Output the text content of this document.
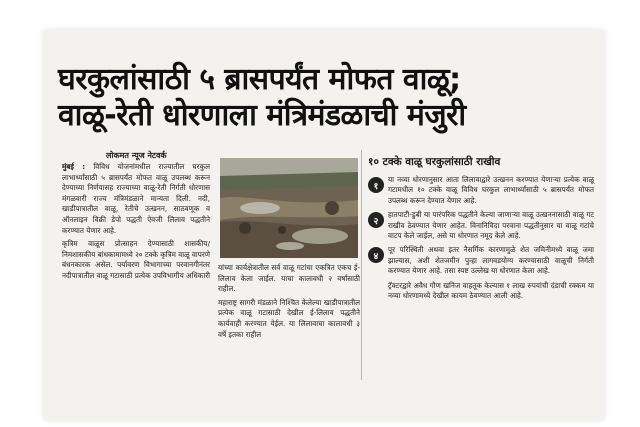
घरकुलांसाठी ५ ब्रासपर्यंत मोफत वाळू;
वाळू-रेती धोरणाला मंत्रिमंडळाची मंजुरी
लोकमत न्यूज नेटवर्क

मुंबई : विविध योजनांमधील राज्यातील घरकुल लाभार्थ्यांसाठी ५ ब्रासपर्यंत मोफत वाळू उपलब्ध करून देण्याच्या निर्णयासह राज्याच्या वाळू-रेती निर्गती धोरणास मंगळवारी राज्य मंत्रिमंडळाने मान्यता दिली. नदी, खाडीपात्रातील वाळू, रेतीचे उत्खनन, साठवणूक व ऑनलाइन विक्री डेपो पद्धती ऐवजी लिलाव पद्धतीने करण्यात येणार आहे.

कृत्रिम वाळूस प्रोत्साहन देण्यासाठी शासकीय/निमशासकीय बांधकामामध्ये २० टक्के कृत्रिम वाळू वापरणे बंधनकारक असेल. पर्यावरण विभागाच्या परवानगीनंतर नदीपात्रातील वाळू गटासाठी प्रत्येक उपविभागीय अधिकारी

यांच्या कार्यक्षेत्रातील सर्व वाळू गटांचा एकत्रित एकच ई-लिलाव केला जाईल. याचा कालावधी २ वर्षांसाठी राहील.

महाराष्ट्र सागरी मंडळाने निश्चित केलेल्या खाडीपात्रातील प्रत्येक वाळू गटासाठी देखील ई-लिलाव पद्धतीने कार्यवाही करण्यात येईल. या लिलावाचा कालावधी ३ वर्षे इतका राहील

१० टक्के वाळू घरकुलांसाठी राखीव
१
या नव्या धोरणानुसार आता लिलावाद्वारे उत्खनन करण्यात येणाऱ्या प्रत्येक वाळू गटामधील १० टक्के वाळू विविध घरकुल लाभार्थ्यांसाठी ५ ब्रासपर्यंत मोफत उपलब्ध करून देण्यात येणार आहे.
२
हातपाटी-डुबी या पारंपरिक पद्धतीने केल्या जाणाऱ्या वाळू उत्खननासाठी वाळू गट राखीव ठेवण्यात येणार आहेत. विनानिविदा परवाना पद्धतीनुसार या वाळू गटांचे वाटप केले जाईल, असे या धोरणात नमूद केले आहे.
४
पूर परिस्थिती अथवा इतर नैसर्गिक कारणामुळे शेत जमिनीमध्ये वाळू जमा झाल्यास, अशी शेतजमीन पुन्हा लागवडयोग्य करण्यासाठी वाळूची निर्गती करण्यात येणार आहे. तसा स्पष्ट उल्लेख या धोरणात केला आहे.
ट्रॅक्टरद्वारे अवैध गौण खनिज वाहतूक केल्यास १ लाख रुपयांची दंडाची रक्कम या नव्या धोरणामध्ये देखील कायम ठेवण्यात आली आहे.
